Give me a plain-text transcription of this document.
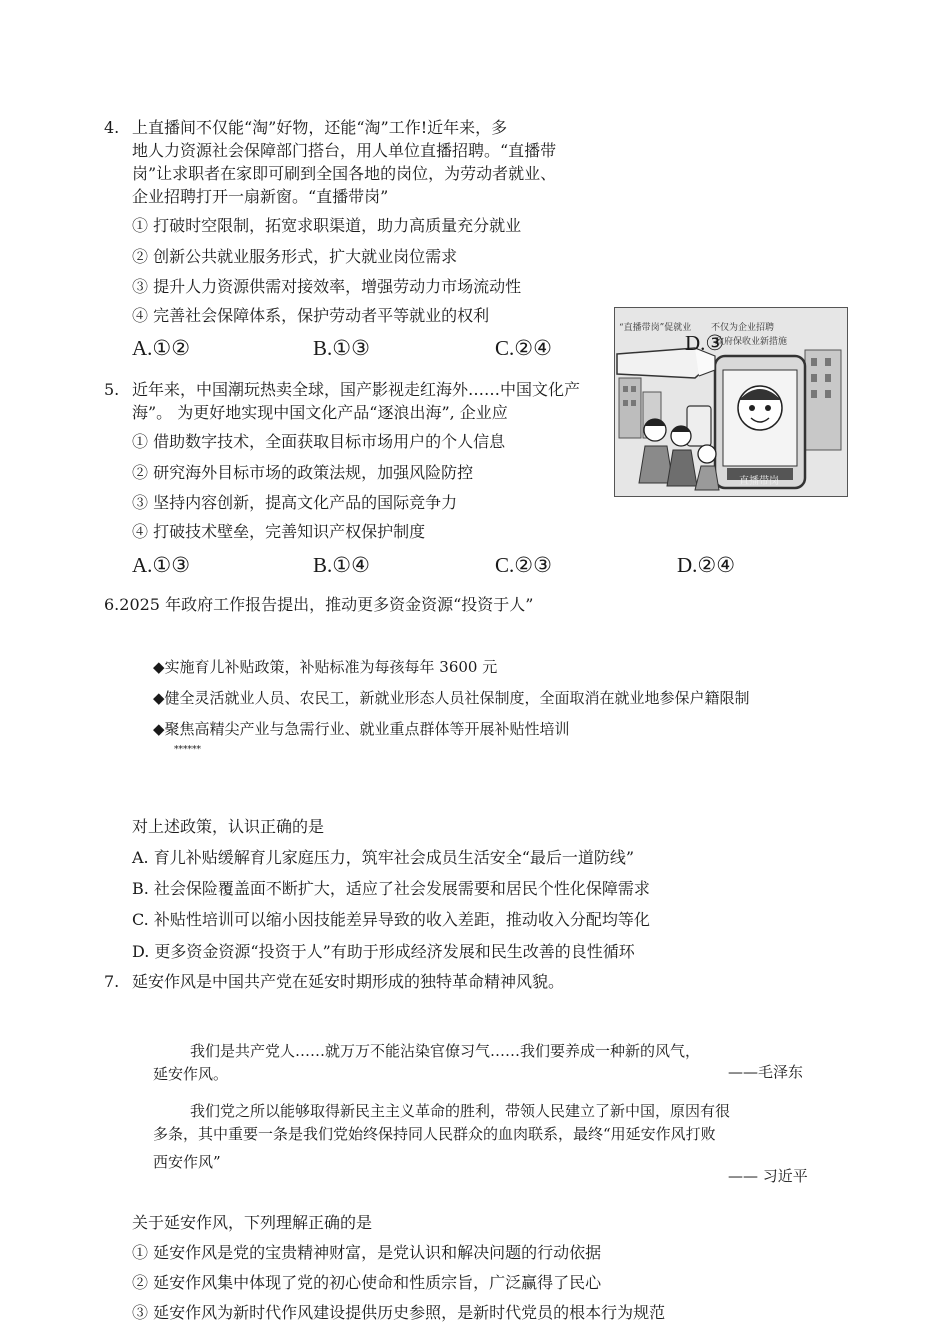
4. 上直播间不仅能“淘”好物，还能“淘”工作!近年来，多
地人力资源社会保障部门搭台，用人单位直播招聘。“直播带
岗”让求职者在家即可刷到全国各地的岗位，为劳动者就业、
企业招聘打开一扇新窗。“直播带岗”
① 打破时空限制，拓宽求职渠道，助力高质量充分就业
② 创新公共就业服务形式，扩大就业岗位需求
③ 提升人力资源供需对接效率，增强劳动力市场流动性
④ 完善社会保障体系，保护劳动者平等就业的权利
A.①②	B.①③	C.②④	D.③
“直播带岗”促就业 不仅为企业招聘
政府保收业新措施
直播带岗
5. 近年来，中国潮玩热卖全球，国产影视走红海外……中国文化产
海”。 为更好地实现中国文化产品“逐浪出海”, 企业应
① 借助数字技术，全面获取目标市场用户的个人信息
② 研究海外目标市场的政策法规，加强风险防控
③ 坚持内容创新，提高文化产品的国际竞争力
④ 打破技术壁垒，完善知识产权保护制度
A.①③	B.①④	C.②③	D.②④
6.2025 年政府工作报告提出，推动更多资金资源“投资于人”
◆实施育儿补贴政策，补贴标准为每孩每年 3600 元
◆健全灵活就业人员、农民工，新就业形态人员社保制度，全面取消在就业地参保户籍限制
◆聚焦高精尖产业与急需行业、就业重点群体等开展补贴性培训
******
对上述政策，认识正确的是
A. 育儿补贴缓解育儿家庭压力，筑牢社会成员生活安全“最后一道防线”
B. 社会保险覆盖面不断扩大，适应了社会发展需要和居民个性化保障需求
C. 补贴性培训可以缩小因技能差异导致的收入差距，推动收入分配均等化
D. 更多资金资源“投资于人”有助于形成经济发展和民生改善的良性循环
7. 延安作风是中国共产党在延安时期形成的独特革命精神风貌。
我们是共产党人……就万万不能沾染官僚习气……我们要养成一种新的风气，
延安作风。	——毛泽东
我们党之所以能够取得新民主主义革命的胜利，带领人民建立了新中国，原因有很
多条，其中重要一条是我们党始终保持同人民群众的血肉联系，最终“用延安作风打败
西安作风”
—— 习近平
关于延安作风，下列理解正确的是
① 延安作风是党的宝贵精神财富，是党认识和解决问题的行动依据
② 延安作风集中体现了党的初心使命和性质宗旨，广泛赢得了民心
③ 延安作风为新时代作风建设提供历史参照，是新时代党员的根本行为规范
